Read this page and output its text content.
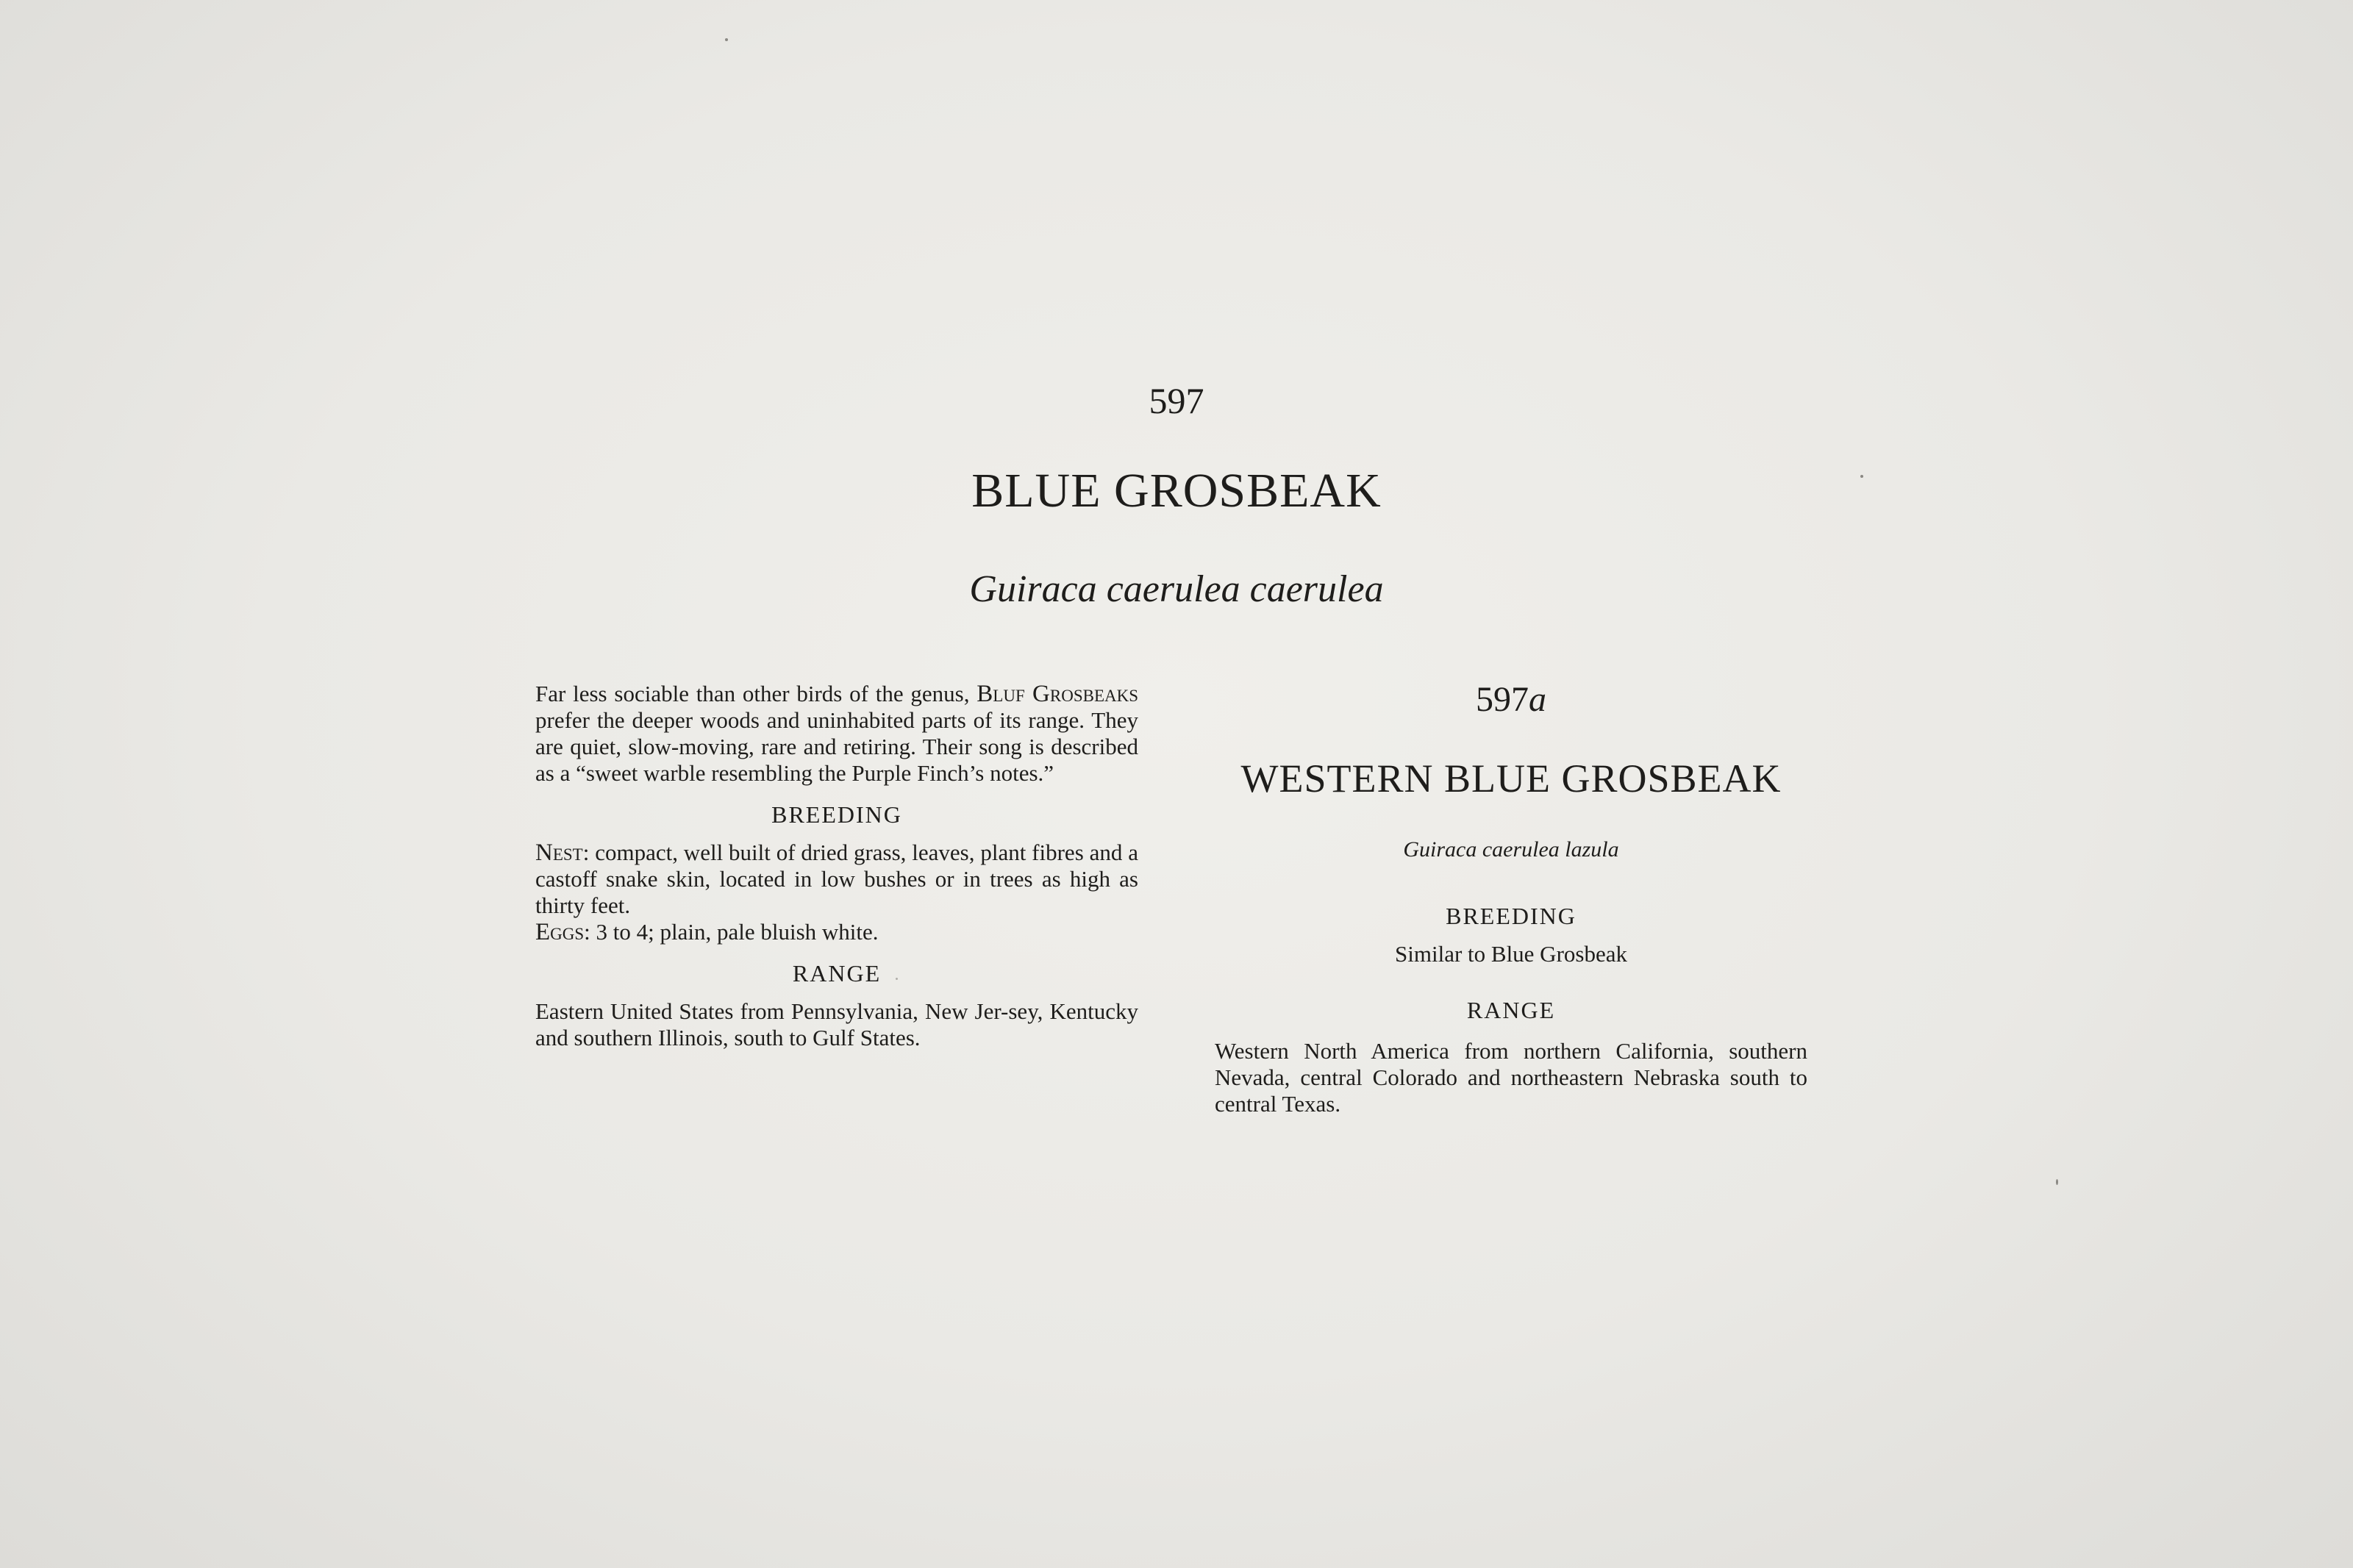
597
BLUE GROSBEAK
Guiraca caerulea caerulea

Far less sociable than other birds of the genus, Bluf Grosbeaks prefer the deeper woods and uninhabited parts of its range. They are quiet, slow-moving, rare and retiring. Their song is described as a “sweet warble resembling the Purple Finch’s notes.”

BREEDING

Nest: compact, well built of dried grass, leaves, plant fibres and a castoff snake skin, located in low bushes or in trees as high as thirty feet.

Eggs: 3 to 4; plain, pale bluish white.

RANGE

Eastern United States from Pennsylvania, New Jer-sey, Kentucky and southern Illinois, south to Gulf States.

597a

WESTERN BLUE GROSBEAK

Guiraca caerulea lazula

BREEDING

Similar to Blue Grosbeak

RANGE

Western North America from northern California, southern Nevada, central Colorado and northeastern Nebraska south to central Texas.
